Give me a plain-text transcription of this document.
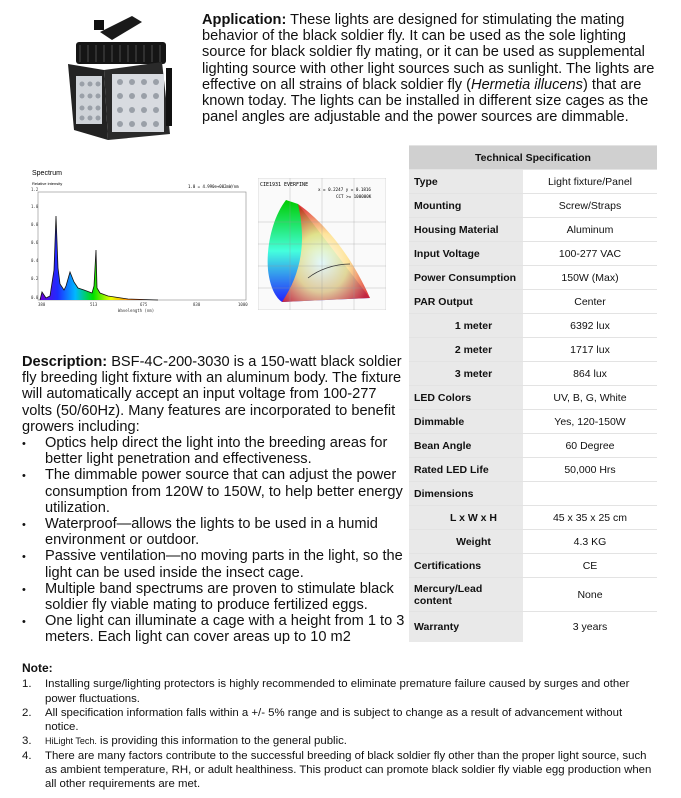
Application: These lights are designed for stimulating the mating behavior of the black soldier fly. It can be used as the sole lighting source for black soldier fly mating, or it can be used as supplemental lighting source with other light sources such as sunlight. The lights are effective on all strains of black soldier fly (Hermetia illucens) that are known today. The lights can be installed in different size cages as the panel angles are adjustable and the power sources are dimmable.

Spectrum
Relative intensity
1.0 = 4.990e+002mW/nm
1.2
1.0
0.8
0.6
0.4
0.2
0.0
380	513	675	830	1000
Wavelength (nm)
CIE1931 EVERFINE
x = 0.2247 y = 0.1816
CCT >= 100000K
Technical Specification	
Type	Light fixture/Panel
Mounting	Screw/Straps
Housing Material	Aluminum
Input Voltage	100-277 VAC
Power Consumption	150W (Max)
PAR Output	Center
1 meter	6392 lux
2 meter	1717 lux
3 meter	864 lux
LED Colors	UV, B, G, White
Dimmable	Yes, 120-150W
Bean Angle	60 Degree
Rated LED Life	50,000 Hrs
Dimensions	
L x W x H	45 x 35 x 25 cm
Weight	4.3 KG
Certifications	CE
Mercury/Lead content	None
Warranty	3 years

Description: BSF-4C-200-3030 is a 150-watt black soldier fly breeding light fixture with an aluminum body. The fixture will automatically accept an input voltage from 100-277 volts (50/60Hz). Many features are incorporated to benefit growers including:

• Optics help direct the light into the breeding areas for better light penetration and effectiveness.
• The dimmable power source that can adjust the power consumption from 120W to 150W, to help better energy utilization.
• Waterproof—allows the lights to be used in a humid environment or outdoor.
• Passive ventilation—no moving parts in the light, so the light can be used inside the insect cage.
• Multiple band spectrums are proven to stimulate black soldier fly viable mating to produce fertilized eggs.
• One light can illuminate a cage with a height from 1 to 3 meters. Each light can cover areas up to 10 m2
Note:
1. Installing surge/lighting protectors is highly recommended to eliminate premature failure caused by surges and other power fluctuations.
2. All specification information falls within a +/- 5% range and is subject to change as a result of advancement without notice.
3. HiLight Tech. is providing this information to the general public.
4. There are many factors contribute to the successful breeding of black soldier fly other than the proper light source, such as ambient temperature, RH, or adult healthiness. This product can promote black soldier fly viable egg production when all other requirements are met.
